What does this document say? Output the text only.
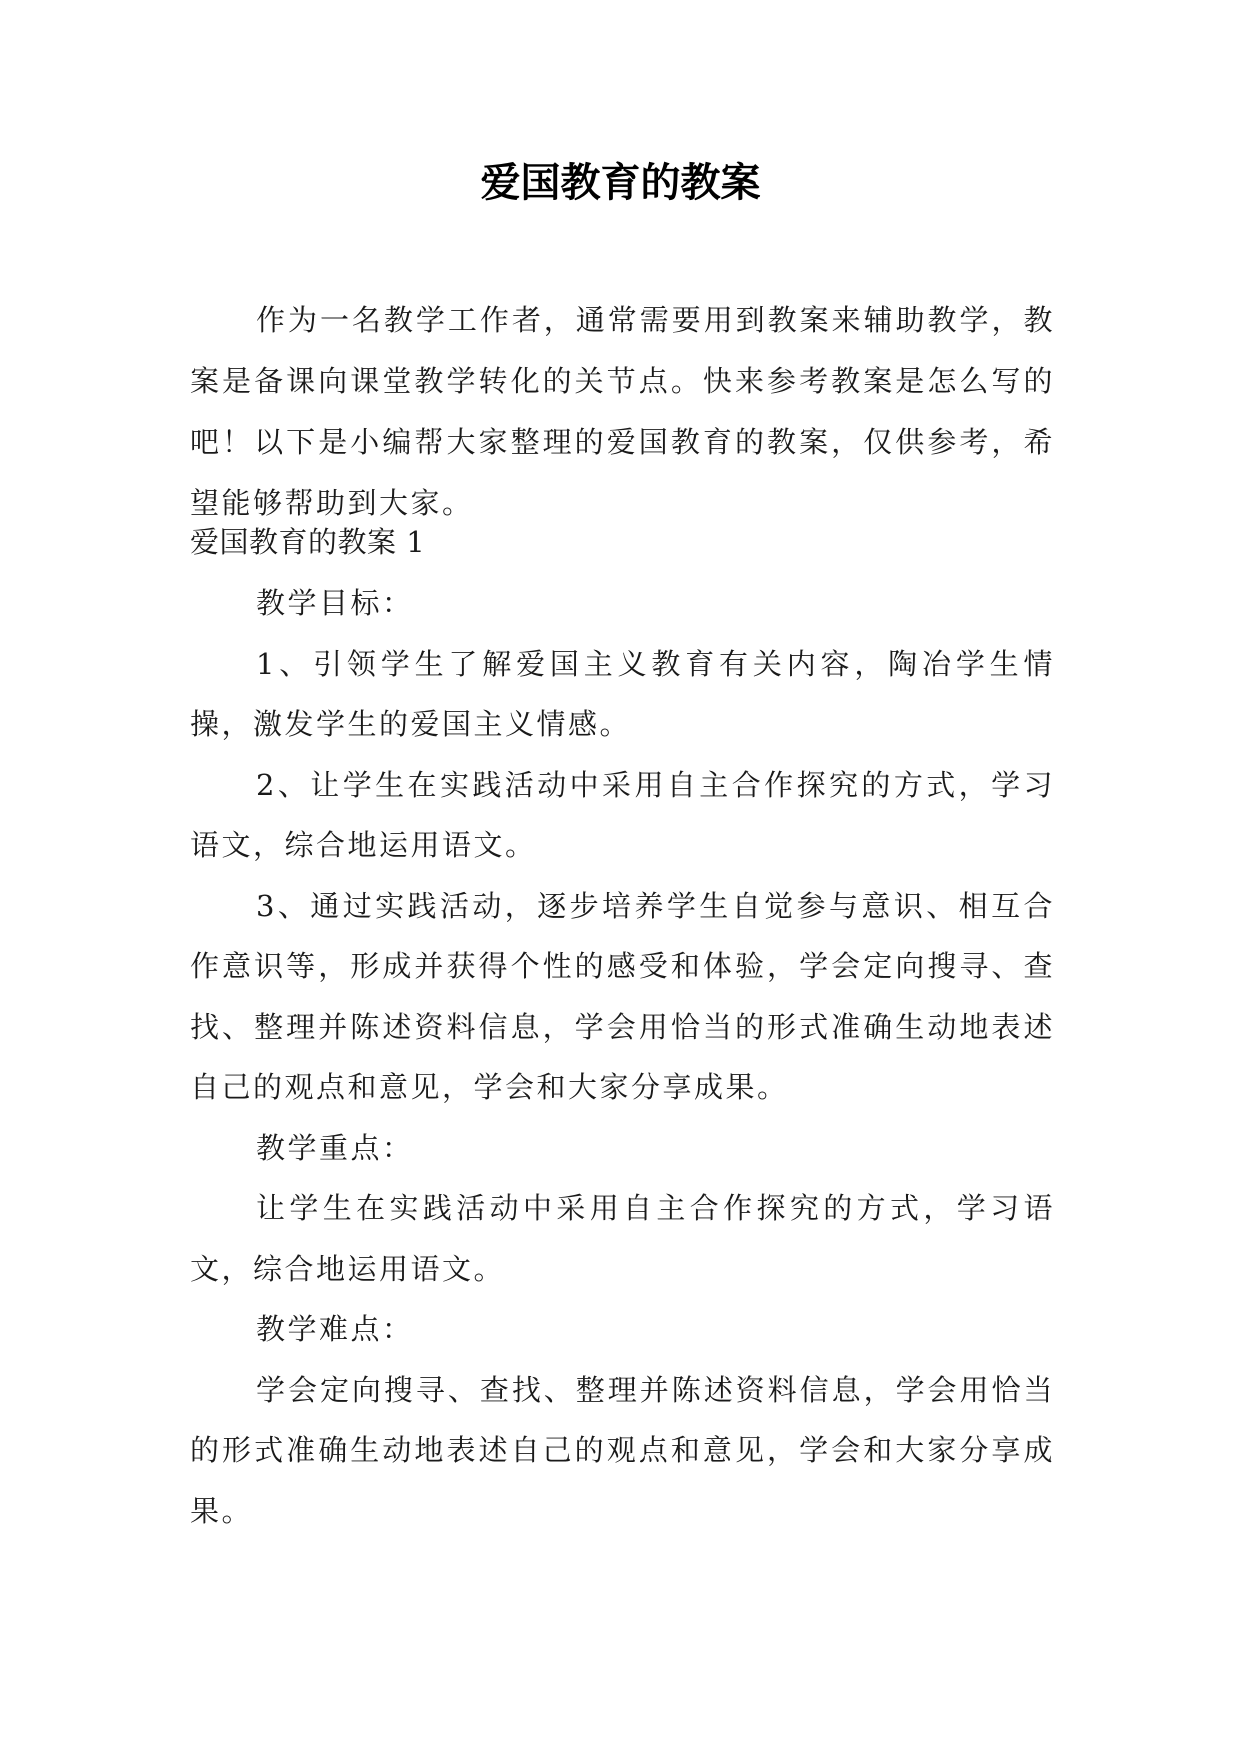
爱国教育的教案

作为一名教学工作者，通常需要用到教案来辅助教学，教案是备课向课堂教学转化的关节点。快来参考教案是怎么写的吧！以下是小编帮大家整理的爱国教育的教案，仅供参考，希望能够帮助到大家。

爱国教育的教案 1

教学目标：

1、引领学生了解爱国主义教育有关内容，陶冶学生情操，激发学生的爱国主义情感。

2、让学生在实践活动中采用自主合作探究的方式，学习语文，综合地运用语文。

3、通过实践活动，逐步培养学生自觉参与意识、相互合作意识等，形成并获得个性的感受和体验，学会定向搜寻、查找、整理并陈述资料信息，学会用恰当的形式准确生动地表述自己的观点和意见，学会和大家分享成果。

教学重点：

让学生在实践活动中采用自主合作探究的方式，学习语文，综合地运用语文。

教学难点：

学会定向搜寻、查找、整理并陈述资料信息，学会用恰当的形式准确生动地表述自己的观点和意见，学会和大家分享成果。
